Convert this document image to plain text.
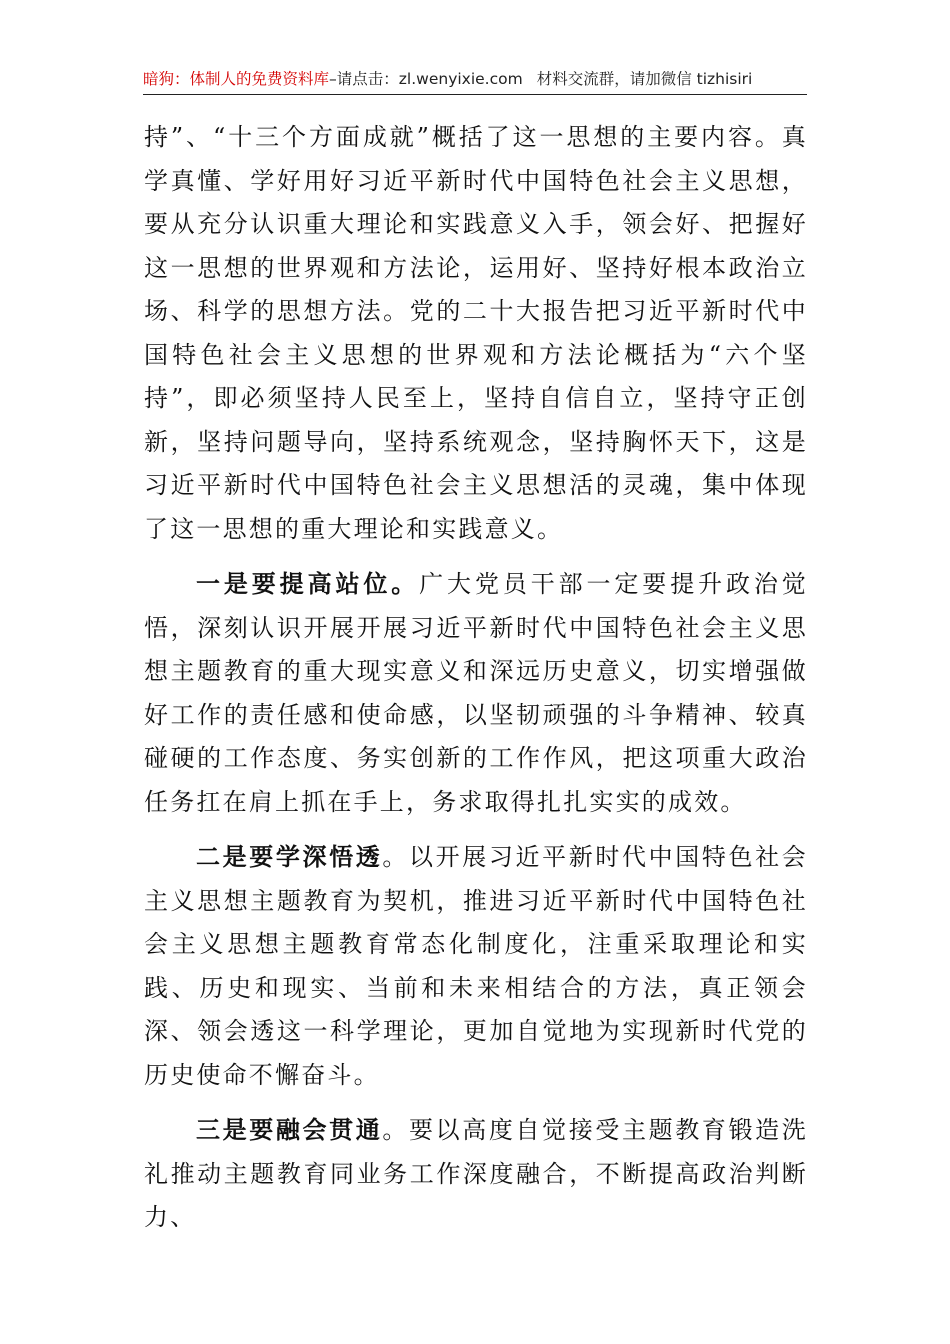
暗狗：体制人的免费资料库 –请点击： zl.wenyixie.com 材料交流群，请加微信 tizhisiri

持”、“十三个方面成就”概括了这一思想的主要内容。真学真懂、学好用好习近平新时代中国特色社会主义思想，要从充分认识重大理论和实践意义入手，领会好、把握好这一思想的世界观和方法论，运用好、坚持好根本政治立场、科学的思想方法。党的二十大报告把习近平新时代中国特色社会主义思想的世界观和方法论概括为“六个坚持”，即必须坚持人民至上，坚持自信自立，坚持守正创新，坚持问题导向，坚持系统观念，坚持胸怀天下，这是习近平新时代中国特色社会主义思想活的灵魂，集中体现了这一思想的重大理论和实践意义。

一是要提高站位。广大党员干部一定要提升政治觉悟，深刻认识开展开展习近平新时代中国特色社会主义思想主题教育的重大现实意义和深远历史意义，切实增强做好工作的责任感和使命感，以坚韧顽强的斗争精神、较真碰硬的工作态度、务实创新的工作作风，把这项重大政治任务扛在肩上抓在手上，务求取得扎扎实实的成效。

二是要学深悟透。以开展习近平新时代中国特色社会主义思想主题教育为契机，推进习近平新时代中国特色社会主义思想主题教育常态化制度化，注重采取理论和实践、历史和现实、当前和未来相结合的方法，真正领会深、领会透这一科学理论，更加自觉地为实现新时代党的历史使命不懈奋斗。

三是要融会贯通。要以高度自觉接受主题教育锻造洗礼推动主题教育同业务工作深度融合，不断提高政治判断力、
